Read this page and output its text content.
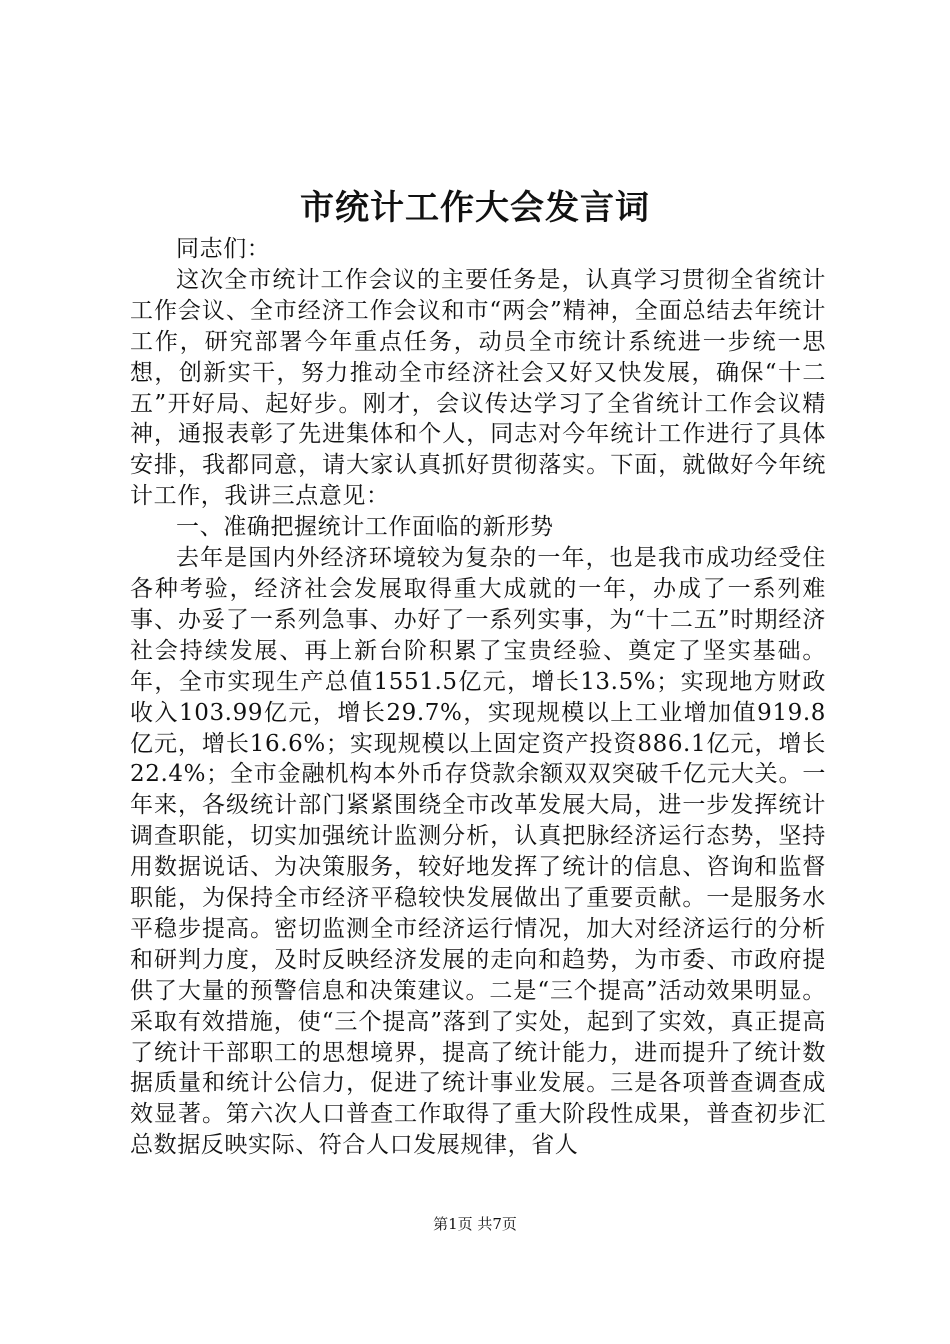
市统计工作大会发言词

同志们：

这次全市统计工作会议的主要任务是，认真学习贯彻全省统计工作会议、全市经济工作会议和市“两会”精神，全面总结去年统计工作，研究部署今年重点任务，动员全市统计系统进一步统一思想，创新实干，努力推动全市经济社会又好又快发展，确保“十二五”开好局、起好步。刚才，会议传达学习了全省统计工作会议精神，通报表彰了先进集体和个人，同志对今年统计工作进行了具体安排，我都同意，请大家认真抓好贯彻落实。下面，就做好今年统计工作，我讲三点意见：

一、准确把握统计工作面临的新形势

去年是国内外经济环境较为复杂的一年，也是我市成功经受住各种考验，经济社会发展取得重大成就的一年，办成了一系列难事、办妥了一系列急事、办好了一系列实事，为“十二五”时期经济社会持续发展、再上新台阶积累了宝贵经验、奠定了坚实基础。年，全市实现生产总值1551.5亿元，增长13.5%；实现地方财政收入103.99亿元，增长29.7%，实现规模以上工业增加值919.8亿元，增长16.6%；实现规模以上固定资产投资886.1亿元，增长22.4%；全市金融机构本外币存贷款余额双双突破千亿元大关。一年来，各级统计部门紧紧围绕全市改革发展大局，进一步发挥统计调查职能，切实加强统计监测分析，认真把脉经济运行态势，坚持用数据说话、为决策服务，较好地发挥了统计的信息、咨询和监督职能，为保持全市经济平稳较快发展做出了重要贡献。一是服务水平稳步提高。密切监测全市经济运行情况，加大对经济运行的分析和研判力度，及时反映经济发展的走向和趋势，为市委、市政府提供了大量的预警信息和决策建议。二是“三个提高”活动效果明显。采取有效措施，使“三个提高”落到了实处，起到了实效，真正提高了统计干部职工的思想境界，提高了统计能力，进而提升了统计数据质量和统计公信力，促进了统计事业发展。三是各项普查调查成效显著。第六次人口普查工作取得了重大阶段性成果，普查初步汇总数据反映实际、符合人口发展规律，省人

第1页 共7页
